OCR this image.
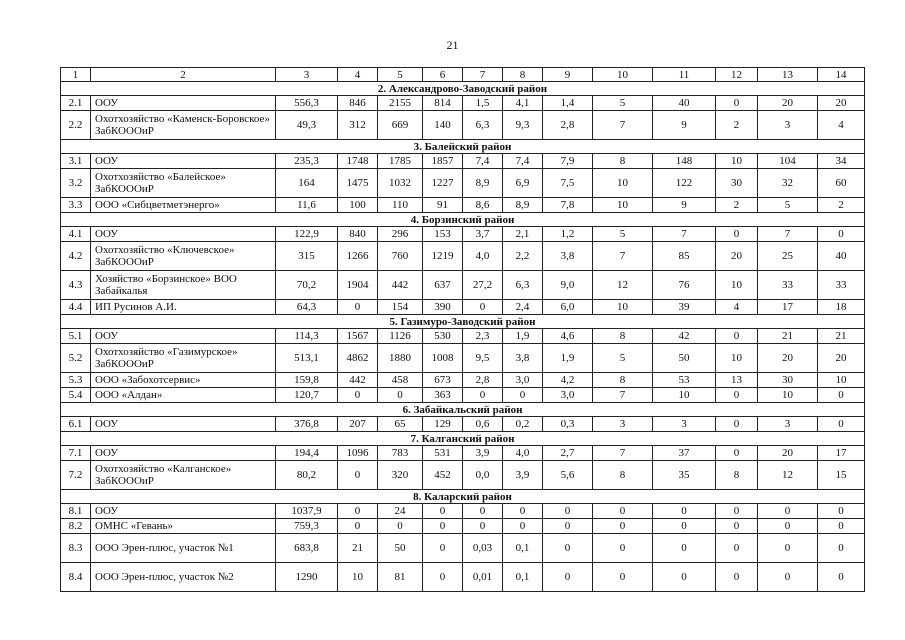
21
1	2	3	4	5	6	7	8	9	10	11	12	13	14
2. Александрово-Заводский район													
2.1	ООУ	556,3	846	2155	814	1,5	4,1	1,4	5	40	0	20	20
2.2	Охотхозяйство «Каменск-Боровское» ЗабКОООиР	49,3	312	669	140	6,3	9,3	2,8	7	9	2	3	4
3. Балейский район													
3.1	ООУ	235,3	1748	1785	1857	7,4	7,4	7,9	8	148	10	104	34
3.2	Охотхозяйство «Балейское» ЗабКОООиР	164	1475	1032	1227	8,9	6,9	7,5	10	122	30	32	60
3.3	ООО «Сибцветметэнерго»	11,6	100	110	91	8,6	8,9	7,8	10	9	2	5	2
4. Борзинский район													
4.1	ООУ	122,9	840	296	153	3,7	2,1	1,2	5	7	0	7	0
4.2	Охотхозяйство «Ключевское» ЗабКОООиР	315	1266	760	1219	4,0	2,2	3,8	7	85	20	25	40
4.3	Хозяйство «Борзинское» ВОО Забайкалья	70,2	1904	442	637	27,2	6,3	9,0	12	76	10	33	33
4.4	ИП Русинов А.И.	64,3	0	154	390	0	2,4	6,0	10	39	4	17	18
5. Газимуро-Заводский район													
5.1	ООУ	114,3	1567	1126	530	2,3	1,9	4,6	8	42	0	21	21
5.2	Охотхозяйство «Газимурское» ЗабКОООиР	513,1	4862	1880	1008	9,5	3,8	1,9	5	50	10	20	20
5.3	ООО «Забохотсервис»	159,8	442	458	673	2,8	3,0	4,2	8	53	13	30	10
5.4	ООО «Алдан»	120,7	0	0	363	0	0	3,0	7	10	0	10	0
6. Забайкальский район													
6.1	ООУ	376,8	207	65	129	0,6	0,2	0,3	3	3	0	3	0
7. Калганский район													
7.1	ООУ	194,4	1096	783	531	3,9	4,0	2,7	7	37	0	20	17
7.2	Охотхозяйство «Калганское» ЗабКОООиР	80,2	0	320	452	0,0	3,9	5,6	8	35	8	12	15
8. Каларский район													
8.1	ООУ	1037,9	0	24	0	0	0	0	0	0	0	0	0
8.2	ОМНС «Гевань»	759,3	0	0	0	0	0	0	0	0	0	0	0
8.3	ООО Эрен-плюс, участок №1	683,8	21	50	0	0,03	0,1	0	0	0	0	0	0
8.4	ООО Эрен-плюс, участок №2	1290	10	81	0	0,01	0,1	0	0	0	0	0	0
